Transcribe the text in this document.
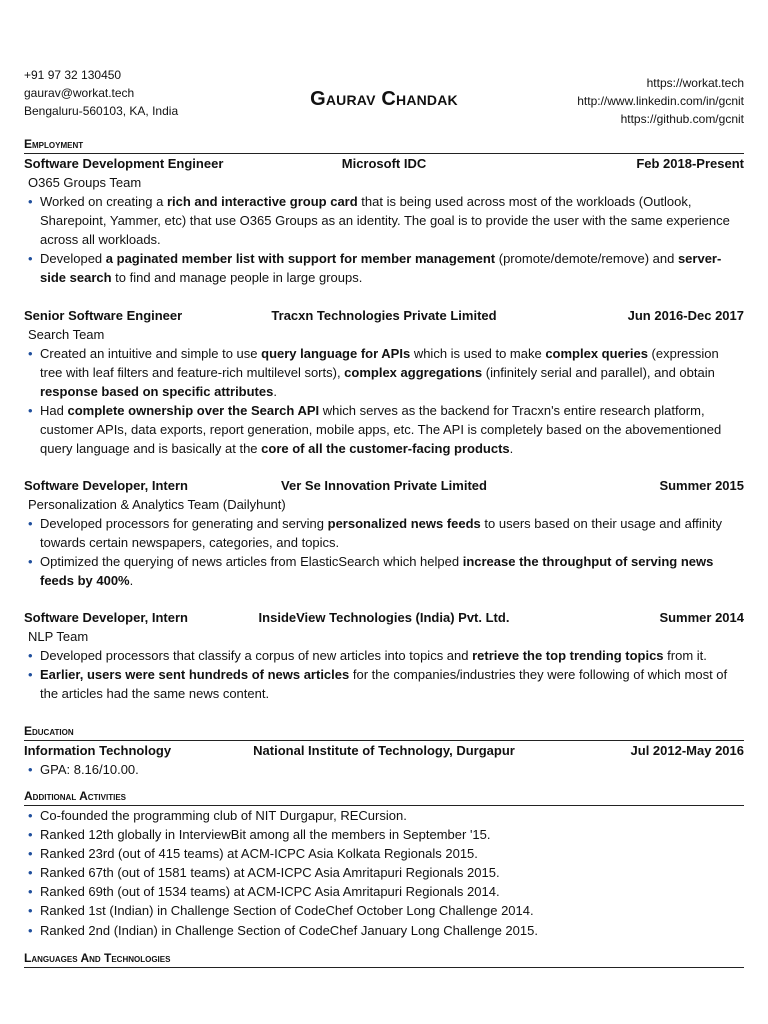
+91 97 32 130450
gaurav@workat.tech
Bengaluru-560103, KA, India
Gaurav Chandak
https://workat.tech
http://www.linkedin.com/in/gcnit
https://github.com/gcnit
Employment
Software Development Engineer	Microsoft IDC	Feb 2018-Present
O365 Groups Team
• Worked on creating a rich and interactive group card that is being used across most of the workloads (Outlook, Sharepoint, Yammer, etc) that use O365 Groups as an identity. The goal is to provide the user with the same experience across all workloads.
• Developed a paginated member list with support for member management (promote/demote/remove) and server-side search to find and manage people in large groups.
Senior Software Engineer	Tracxn Technologies Private Limited	Jun 2016-Dec 2017
Search Team
• Created an intuitive and simple to use query language for APIs which is used to make complex queries (expression tree with leaf filters and feature-rich multilevel sorts), complex aggregations (infinitely serial and parallel), and obtain response based on specific attributes.
• Had complete ownership over the Search API which serves as the backend for Tracxn's entire research platform, customer APIs, data exports, report generation, mobile apps, etc. The API is completely based on the abovementioned query language and is basically at the core of all the customer-facing products.
Software Developer, Intern	Ver Se Innovation Private Limited	Summer 2015
Personalization & Analytics Team (Dailyhunt)
• Developed processors for generating and serving personalized news feeds to users based on their usage and affinity towards certain newspapers, categories, and topics.
• Optimized the querying of news articles from ElasticSearch which helped increase the throughput of serving news feeds by 400%.
Software Developer, Intern	InsideView Technologies (India) Pvt. Ltd.	Summer 2014
NLP Team
• Developed processors that classify a corpus of new articles into topics and retrieve the top trending topics from it.
• Earlier, users were sent hundreds of news articles for the companies/industries they were following of which most of the articles had the same news content.
Education
Information Technology	National Institute of Technology, Durgapur	Jul 2012-May 2016
• GPA: 8.16/10.00.
Additional Activities
• Co-founded the programming club of NIT Durgapur, RECursion.
• Ranked 12th globally in InterviewBit among all the members in September '15.
• Ranked 23rd (out of 415 teams) at ACM-ICPC Asia Kolkata Regionals 2015.
• Ranked 67th (out of 1581 teams) at ACM-ICPC Asia Amritapuri Regionals 2015.
• Ranked 69th (out of 1534 teams) at ACM-ICPC Asia Amritapuri Regionals 2014.
• Ranked 1st (Indian) in Challenge Section of CodeChef October Long Challenge 2014.
• Ranked 2nd (Indian) in Challenge Section of CodeChef January Long Challenge 2015.
Languages And Technologies
